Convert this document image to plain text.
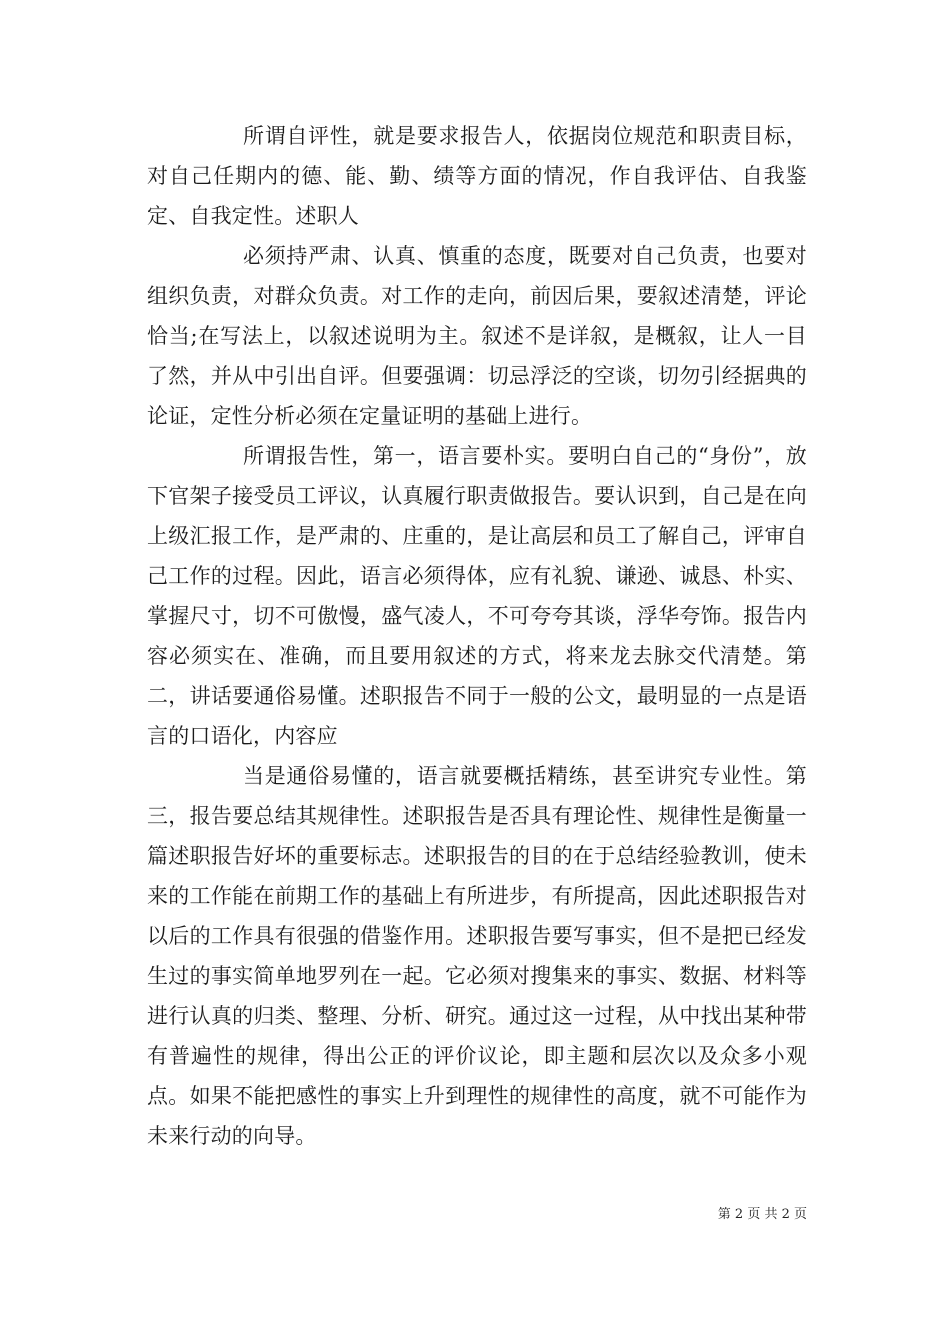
所谓自评性，就是要求报告人，依据岗位规范和职责目标，对自己任期内的德、能、勤、绩等方面的情况，作自我评估、自我鉴定、自我定性。述职人

必须持严肃、认真、慎重的态度，既要对自己负责，也要对组织负责，对群众负责。对工作的走向，前因后果，要叙述清楚，评论恰当;在写法上，以叙述说明为主。叙述不是详叙，是概叙，让人一目了然，并从中引出自评。但要强调：切忌浮泛的空谈，切勿引经据典的论证，定性分析必须在定量证明的基础上进行。

所谓报告性，第一，语言要朴实。要明白自己的“身份”，放下官架子接受员工评议，认真履行职责做报告。要认识到，自己是在向上级汇报工作，是严肃的、庄重的，是让高层和员工了解自己，评审自己工作的过程。因此，语言必须得体，应有礼貌、谦逊、诚恳、朴实、掌握尺寸，切不可傲慢，盛气凌人，不可夸夸其谈，浮华夸饰。报告内容必须实在、准确，而且要用叙述的方式，将来龙去脉交代清楚。第二，讲话要通俗易懂。述职报告不同于一般的公文，最明显的一点是语言的口语化，内容应

当是通俗易懂的，语言就要概括精练，甚至讲究专业性。第三，报告要总结其规律性。述职报告是否具有理论性、规律性是衡量一篇述职报告好坏的重要标志。述职报告的目的在于总结经验教训，使未来的工作能在前期工作的基础上有所进步，有所提高，因此述职报告对以后的工作具有很强的借鉴作用。述职报告要写事实，但不是把已经发生过的事实简单地罗列在一起。它必须对搜集来的事实、数据、材料等进行认真的归类、整理、分析、研究。通过这一过程，从中找出某种带有普遍性的规律，得出公正的评价议论，即主题和层次以及众多小观点。如果不能把感性的事实上升到理性的规律性的高度，就不可能作为未来行动的向导。

第 2 页 共 2 页
